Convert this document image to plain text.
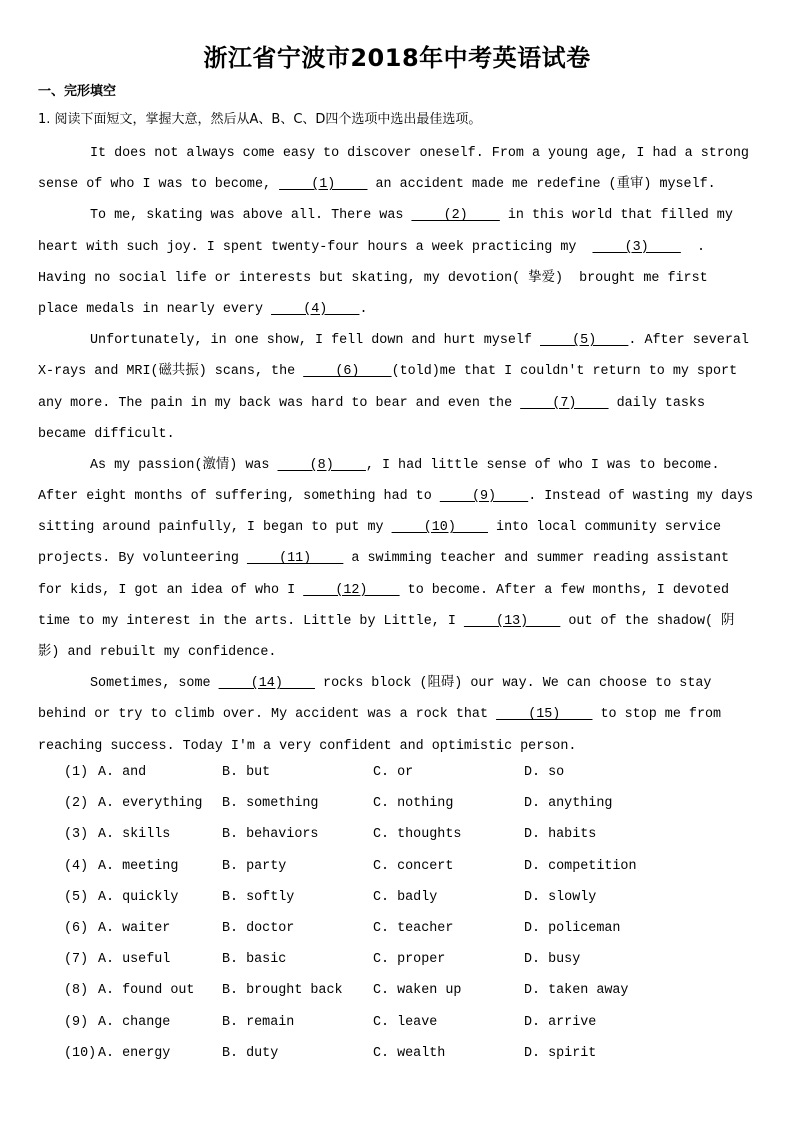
浙江省宁波市2018年中考英语试卷
一、完形填空
1. 阅读下面短文，掌握大意，然后从A、B、C、D四个选项中选出最佳选项。
It does not always come easy to discover oneself. From a young age, I had a strong
sense of who I was to become,     (1)     an accident made me redefine (重审) myself.
To me, skating was above all. There was     (2)     in this world that filled my
heart with such joy. I spent twenty-four hours a week practicing my      (3)      .
Having no social life or interests but skating, my devotion( 挚爱)  brought me first
place medals in nearly every     (4)    .
Unfortunately, in one show, I fell down and hurt myself     (5)    . After several
X-rays and MRI(磁共振) scans, the     (6)    (told)me that I couldn't return to my sport
any more. The pain in my back was hard to bear and even the     (7)     daily tasks
became difficult.
As my passion(激情) was     (8)    , I had little sense of who I was to become.
After eight months of suffering, something had to     (9)    . Instead of wasting my days
sitting around painfully, I began to put my     (10)     into local community service
projects. By volunteering     (11)     a swimming teacher and summer reading assistant
for kids, I got an idea of who I     (12)     to become. After a few months, I devoted
time to my interest in the arts. Little by Little, I     (13)     out of the shadow( 阴
影) and rebuilt my confidence.
Sometimes, some     (14)     rocks block (阻碍) our way. We can choose to stay
behind or try to climb over. My accident was a rock that     (15)     to stop me from
reaching success. Today I'm a very confident and optimistic person.
(1) A. and	B. but	C. or	D. so
(2) A. everything B. something	C. nothing	D. anything
(3) A. skills	B. behaviors	C. thoughts	D. habits
(4) A. meeting	B. party	C. concert	D. competition
(5) A. quickly	B. softly	C. badly	D. slowly
(6) A. waiter	B. doctor	C. teacher	D. policeman
(7) A. useful	B. basic	C. proper	D. busy
(8) A. found out B. brought back C. waken up	D. taken away
(9) A. change	B. remain	C. leave	D. arrive
(10) A. energy	B. duty	C. wealth	D. spirit
